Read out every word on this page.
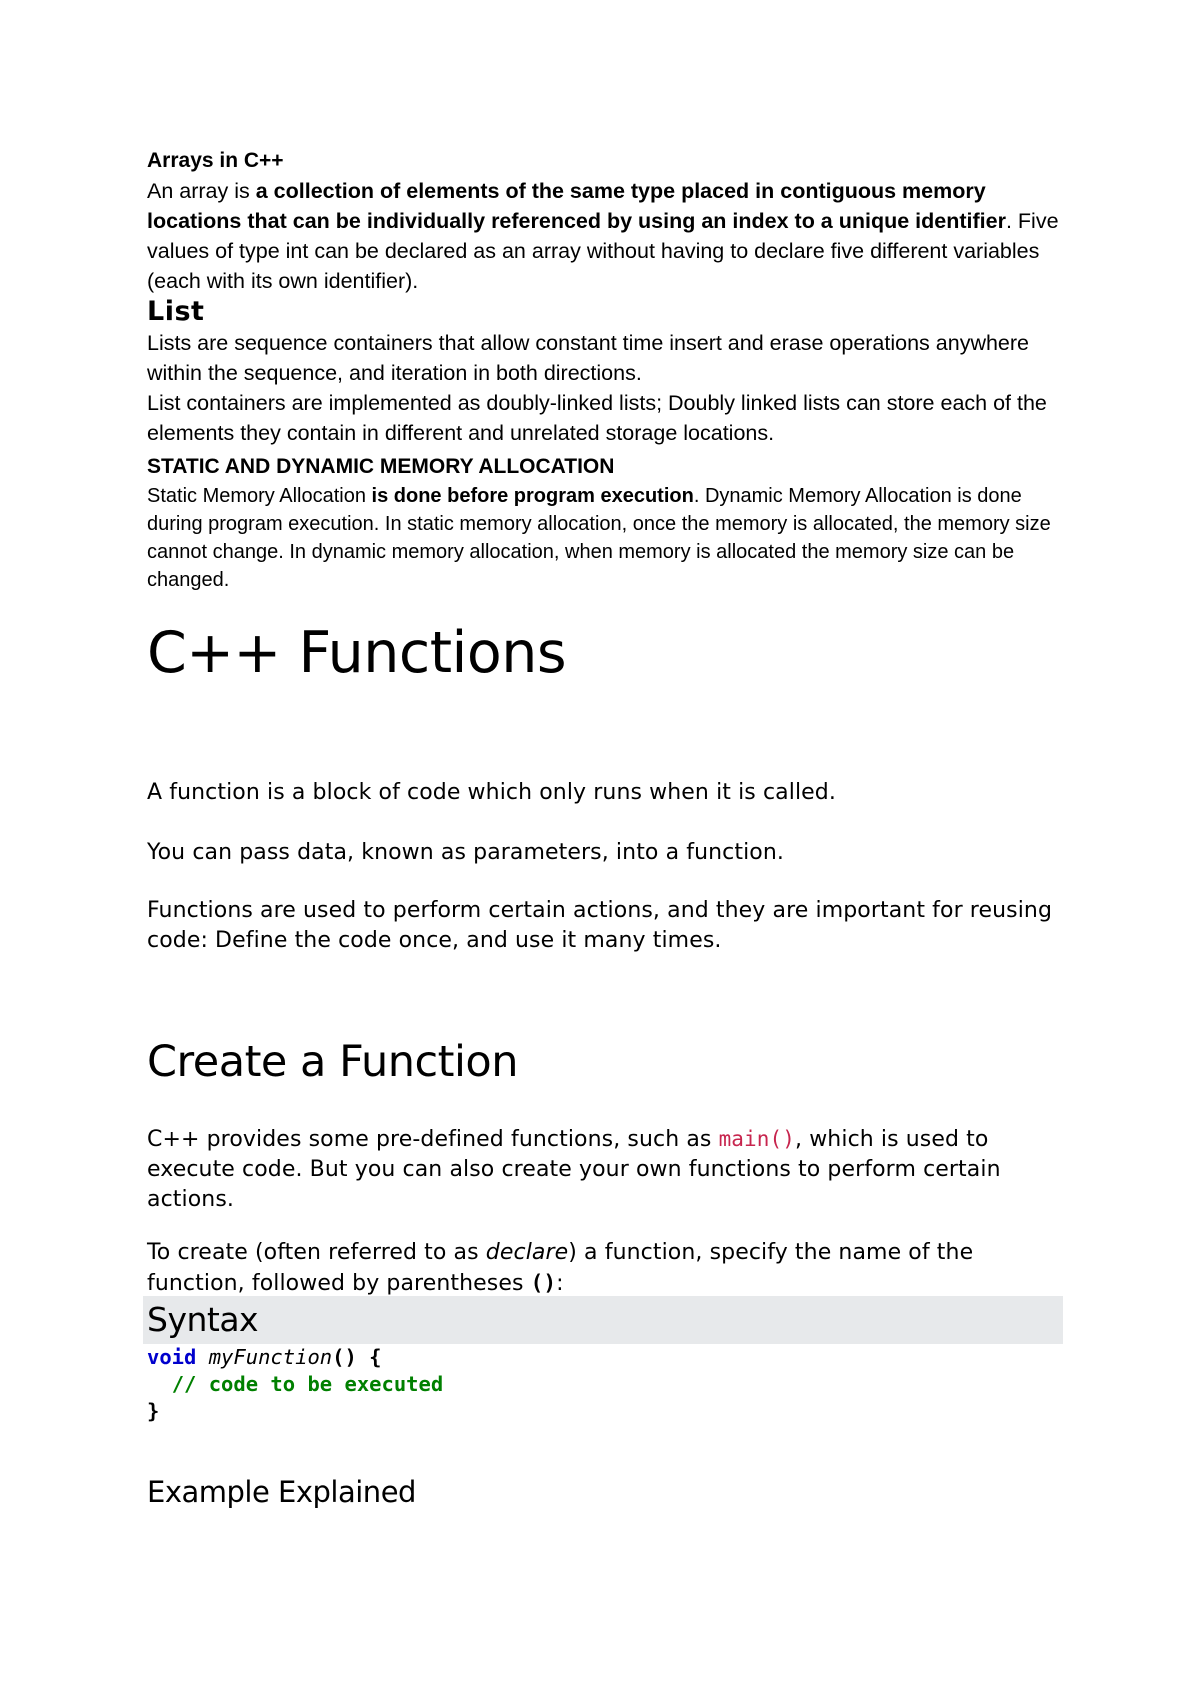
Arrays in C++

An array is a collection of elements of the same type placed in contiguous memory locations that can be individually referenced by using an index to a unique identifier. Five values of type int can be declared as an array without having to declare five different variables (each with its own identifier).

List

Lists are sequence containers that allow constant time insert and erase operations anywhere within the sequence, and iteration in both directions.

List containers are implemented as doubly-linked lists; Doubly linked lists can store each of the elements they contain in different and unrelated storage locations.

STATIC AND DYNAMIC MEMORY ALLOCATION

Static Memory Allocation is done before program execution. Dynamic Memory Allocation is done during program execution. In static memory allocation, once the memory is allocated, the memory size cannot change. In dynamic memory allocation, when memory is allocated the memory size can be changed.

C++ Functions

A function is a block of code which only runs when it is called.

You can pass data, known as parameters, into a function.

Functions are used to perform certain actions, and they are important for reusing code: Define the code once, and use it many times.

Create a Function

C++ provides some pre-defined functions, such as main(), which is used to execute code. But you can also create your own functions to perform certain actions.

To create (often referred to as declare) a function, specify the name of the function, followed by parentheses ():

Syntax
void myFunction() {
// code to be executed
}
Example Explained
